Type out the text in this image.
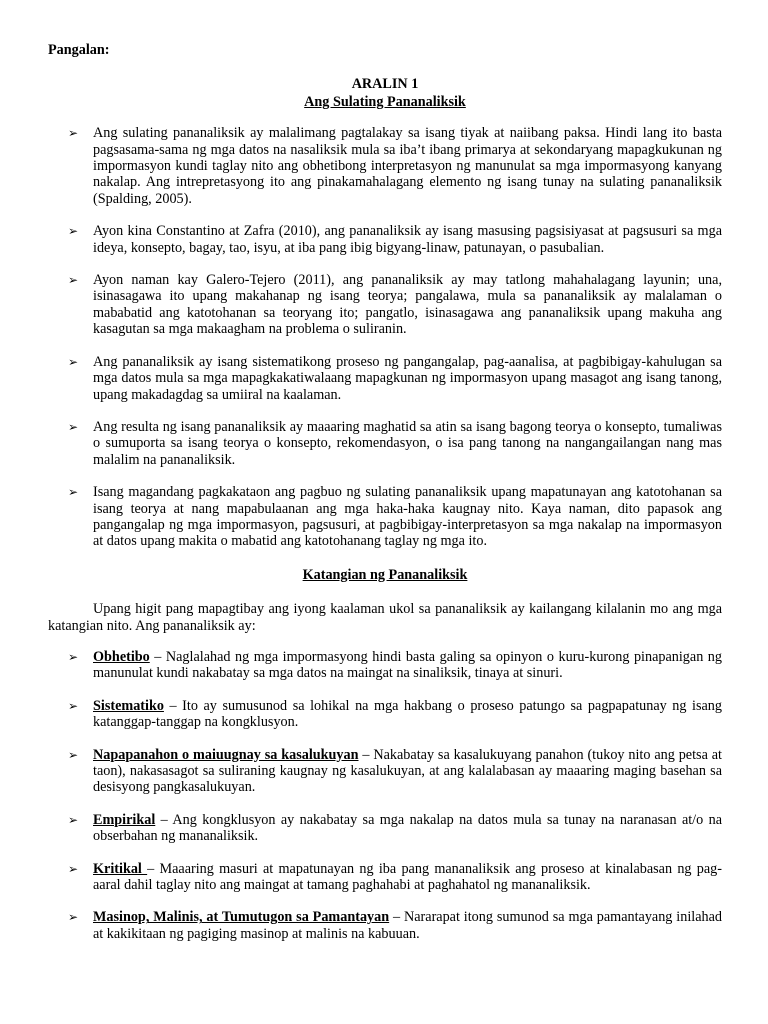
Pangalan:

ARALIN 1

Ang Sulating Pananaliksik

➢ Ang sulating pananaliksik ay malalimang pagtalakay sa isang tiyak at naiibang paksa. Hindi lang ito basta pagsasama-sama ng mga datos na nasaliksik mula sa iba’t ibang primarya at sekondaryang mapagkukunan ng impormasyon kundi taglay nito ang obhetibong interpretasyon ng manunulat sa mga impormasyong kanyang nakalap. Ang intrepretasyong ito ang pinakamahalagang elemento ng isang tunay na sulating pananaliksik (Spalding, 2005).
➢ Ayon kina Constantino at Zafra (2010), ang pananaliksik ay isang masusing pagsisiyasat at pagsusuri sa mga ideya, konsepto, bagay, tao, isyu, at iba pang ibig bigyang-linaw, patunayan, o pasubalian.
➢ Ayon naman kay Galero-Tejero (2011), ang pananaliksik ay may tatlong mahahalagang layunin; una, isinasagawa ito upang makahanap ng isang teorya; pangalawa, mula sa pananaliksik ay malalaman o mababatid ang katotohanan sa teoryang ito; pangatlo, isinasagawa ang pananaliksik upang makuha ang kasagutan sa mga makaagham na problema o suliranin.
➢ Ang pananaliksik ay isang sistematikong proseso ng pangangalap, pag-aanalisa, at pagbibigay-kahulugan sa mga datos mula sa mga mapagkakatiwalaang mapagkunan ng impormasyon upang masagot ang isang tanong, upang makadagdag sa umiiral na kaalaman.
➢ Ang resulta ng isang pananaliksik ay maaaring maghatid sa atin sa isang bagong teorya o konsepto, tumaliwas o sumuporta sa isang teorya o konsepto, rekomendasyon, o isa pang tanong na nangangailangan nang mas malalim na pananaliksik.
➢ Isang magandang pagkakataon ang pagbuo ng sulating pananaliksik upang mapatunayan ang katotohanan sa isang teorya at nang mapabulaanan ang mga haka-haka kaugnay nito. Kaya naman, dito papasok ang pangangalap ng mga impormasyon, pagsusuri, at pagbibigay-interpretasyon sa mga nakalap na impormasyon at datos upang makita o mabatid ang katotohanang taglay ng mga ito.

Katangian ng Pananaliksik

Upang higit pang mapagtibay ang iyong kaalaman ukol sa pananaliksik ay kailangang kilalanin mo ang mga katangian nito. Ang pananaliksik ay:

➢ Obhetibo – Naglalahad ng mga impormasyong hindi basta galing sa opinyon o kuru-kurong pinapanigan ng manunulat kundi nakabatay sa mga datos na maingat na sinaliksik, tinaya at sinuri.
➢ Sistematiko – Ito ay sumusunod sa lohikal na mga hakbang o proseso patungo sa pagpapatunay ng isang katanggap-tanggap na kongklusyon.
➢ Napapanahon o maiuugnay sa kasalukuyan – Nakabatay sa kasalukuyang panahon (tukoy nito ang petsa at taon), nakasasagot sa suliraning kaugnay ng kasalukuyan, at ang kalalabasan ay maaaring maging basehan sa desisyong pangkasalukuyan.
➢ Empirikal – Ang kongklusyon ay nakabatay sa mga nakalap na datos mula sa tunay na naranasan at/o na obserbahan ng mananaliksik.
➢ Kritikal – Maaaring masuri at mapatunayan ng iba pang mananaliksik ang proseso at kinalabasan ng pag-aaral dahil taglay nito ang maingat at tamang paghahabi at paghahatol ng mananaliksik.
➢ Masinop, Malinis, at Tumutugon sa Pamantayan – Nararapat itong sumunod sa mga pamantayang inilahad at kakikitaan ng pagiging masinop at malinis na kabuuan.
